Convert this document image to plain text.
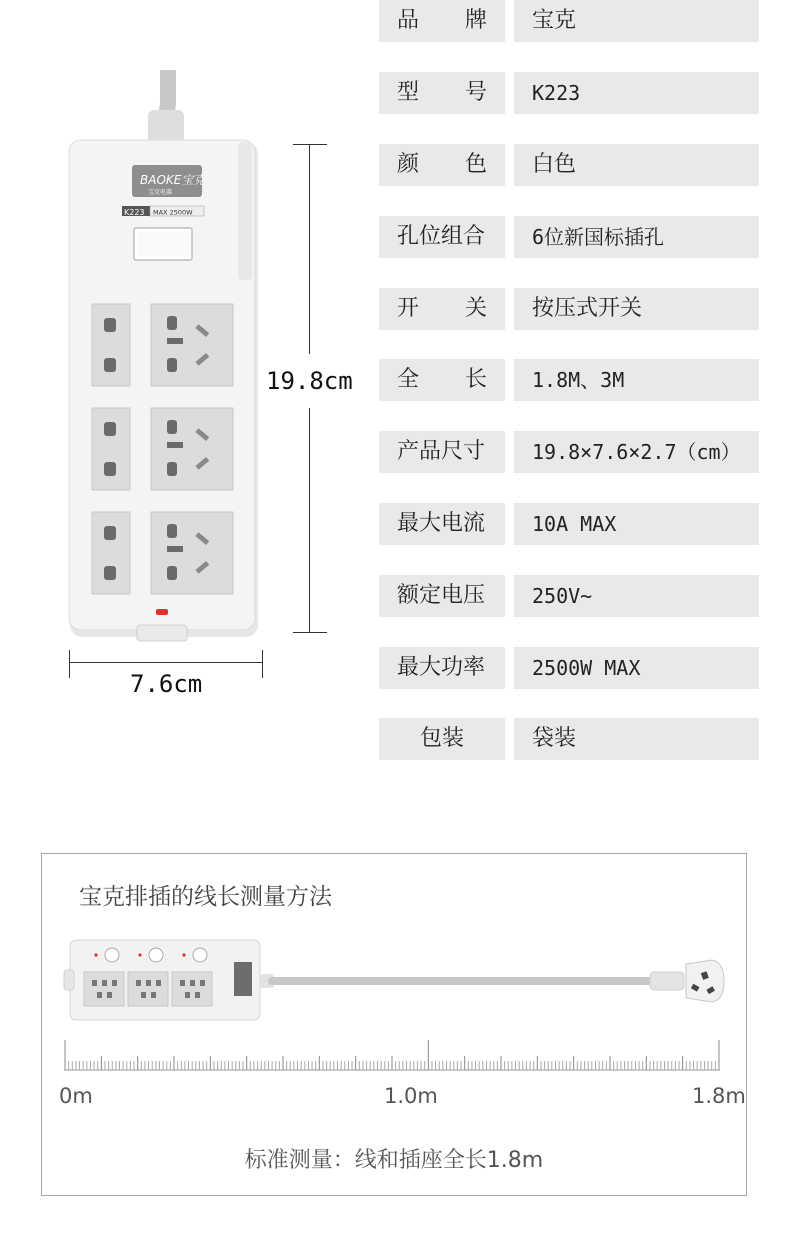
BAOKE宝克
宝克电器
K223 MAX 2500W
19.8cm
7.6cm
品 牌	宝克
型 号	K223
颜 色	白色
孔位组合	6位新国标插孔
开 关	按压式开关
全 长	1.8M、3M
产品尺寸	19.8×7.6×2.7（cm）
最大电流	10A MAX
额定电压	250V~
最大功率	2500W MAX
包装	袋装
宝克排插的线长测量方法
0m	1.0m	1.8m
标准测量：线和插座全长1.8m
